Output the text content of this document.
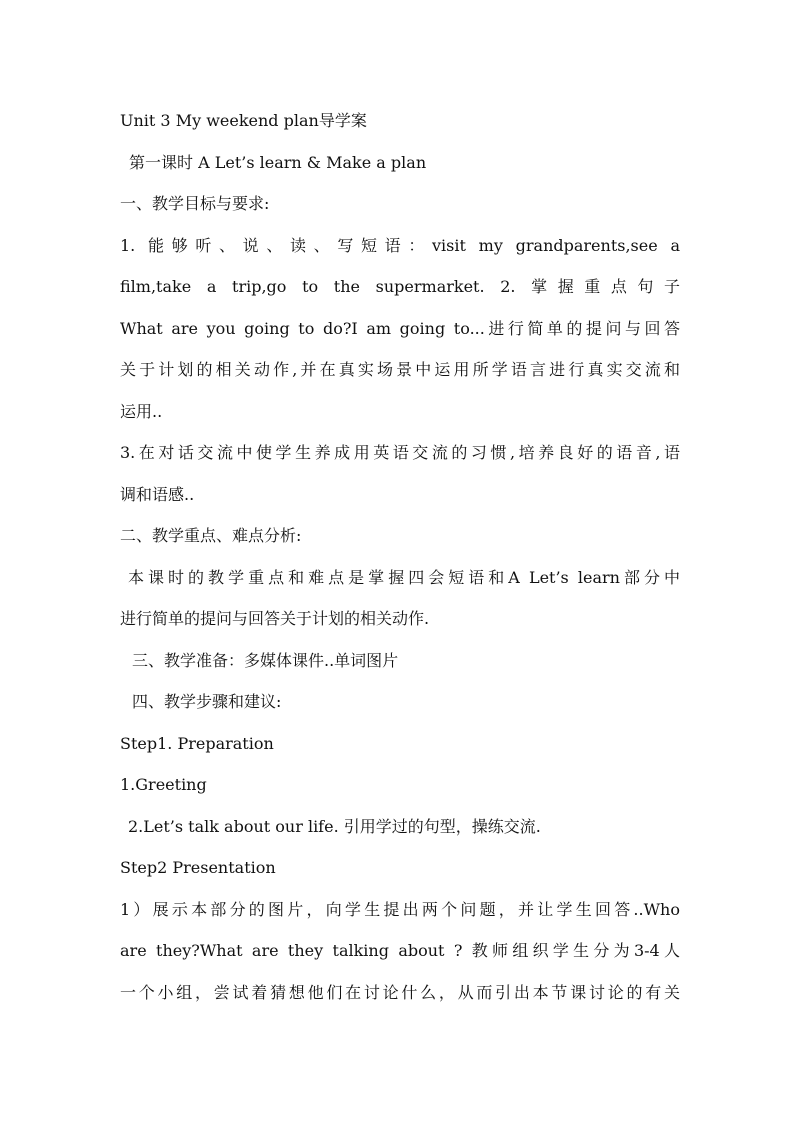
Unit 3 My weekend plan导学案
第一课时 A Let’s learn & Make a plan
一、教学目标与要求:
1. 能够听、说、读、写短语：visit my grandparents,see a
film,take a trip,go to the supermarket. 2. 掌握重点句子
What are you going to do?I am going to...进行简单的提问与回答
关于计划的相关动作,并在真实场景中运用所学语言进行真实交流和
运用..
3.在对话交流中使学生养成用英语交流的习惯,培养良好的语音,语
调和语感..
二、教学重点、难点分析:
本课时的教学重点和难点是掌握四会短语和A Let’s learn部分中
进行简单的提问与回答关于计划的相关动作.
三、教学准备：多媒体课件..单词图片
四、教学步骤和建议:
Step1. Preparation
1.Greeting
2.Let’s talk about our life. 引用学过的句型，操练交流.
Step2 Presentation
1）展示本部分的图片，向学生提出两个问题，并让学生回答..Who
are they?What are they talking about ? 教师组织学生分为3-4人
一个小组，尝试着猜想他们在讨论什么，从而引出本节课讨论的有关
